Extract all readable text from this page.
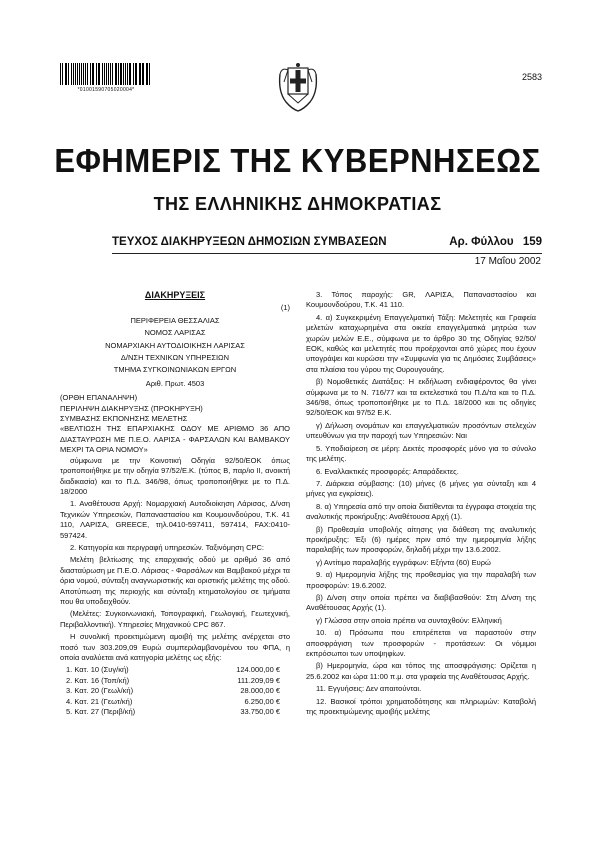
*01001590705020004*
2583
ΕΦΗΜΕΡΙΣ ΤΗΣ ΚΥΒΕΡΝΗΣΕΩΣ
ΤΗΣ ΕΛΛΗΝΙΚΗΣ ΔΗΜΟΚΡΑΤΙΑΣ
ΤΕΥΧΟΣ ΔΙΑΚΗΡΥΞΕΩΝ ΔΗΜΟΣΙΩΝ ΣΥΜΒΑΣΕΩΝ	Αρ. Φύλλου 159
17 Μαΐου 2002

ΔΙΑΚΗΡΥΞΕΙΣ

(1)

ΠΕΡΙΦΕΡΕΙΑ ΘΕΣΣΑΛΙΑΣ

ΝΟΜΟΣ ΛΑΡΙΣΑΣ

ΝΟΜΑΡΧΙΑΚΗ ΑΥΤΟΔΙΟΙΚΗΣΗ ΛΑΡΙΣΑΣ

Δ/ΝΣΗ ΤΕΧΝΙΚΩΝ ΥΠΗΡΕΣΙΩΝ

ΤΜΗΜΑ ΣΥΓΚΟΙΝΩΝΙΑΚΩΝ ΕΡΓΩΝ

Αριθ. Πρωτ. 4503

(ΟΡΘΗ ΕΠΑΝΑΛΗΨΗ)

ΠΕΡΙΛΗΨΗ ΔΙΑΚΗΡΥΞΗΣ (ΠΡΟΚΗΡΥΞΗ)

ΣΥΜΒΑΣΗΣ ΕΚΠΟΝΗΣΗΣ ΜΕΛΕΤΗΣ

«ΒΕΛΤΙΩΣΗ ΤΗΣ ΕΠΑΡΧΙΑΚΗΣ ΟΔΟΥ ΜΕ ΑΡΙΘΜΟ 36 ΑΠΟ ΔΙΑΣΤΑΥΡΩΣΗ ΜΕ Π.Ε.Ο. ΛΑΡΙΣΑ - ΦΑΡΣΑΛΩΝ ΚΑΙ ΒΑΜΒΑΚΟΥ ΜΕΧΡΙ ΤΑ ΟΡΙΑ ΝΟΜΟΥ»

σύμφωνα με την Κοινοτική Οδηγία 92/50/ΕΟΚ όπως τροποποιήθηκε με την οδηγία 97/52/Ε.Κ. (τύπος Β, παρ/ιο ΙΙ, ανοικτή διαδικασία) και το Π.Δ. 346/98, όπως τροποποιήθηκε με το Π.Δ. 18/2000

1. Αναθέτουσα Αρχή: Νομαρχιακή Αυτοδιοίκηση Λάρισας, Δ/νση Τεχνικών Υπηρεσιών, Παπαναστασίου και Κουμουνδούρου, Τ.Κ. 41 110, ΛΑΡΙΣΑ, GREECE, τηλ.0410-597411, 597414, FAX:0410-597424.

2. Κατηγορία και περιγραφή υπηρεσιών. Ταξινόμηση CPC:

Μελέτη βελτίωσης της επαρχιακής οδού με αριθμό 36 από διασταύρωση με Π.Ε.Ο. Λάρισας - Φαρσάλων και Βαμβακού μέχρι τα όρια νομού, σύνταξη αναγνωριστικής και οριστικής μελέτης της οδού. Αποτύπωση της περιοχής και σύνταξη κτηματολογίου σε τμήματα που θα υποδειχθούν.

(Μελέτες: Συγκοινωνιακή, Τοπογραφική, Γεωλογική, Γεωτεχνική, Περιβαλλοντική). Υπηρεσίες Μηχανικού CPC 867.

Η συνολική προεκτιμώμενη αμοιβή της μελέτης ανέρχεται στο ποσό των 303.209,09 Ευρώ συμπεριλαμβανομένου του ΦΠΑ, η οποία αναλύεται ανά κατηγορία μελέτης ως εξής:

1. Κατ. 10 (Συγ/κή)	124.000,00 €
2. Κατ. 16 (Τοπ/κή)	111.209,09 €
3. Κατ. 20 (Γεωλ/κή)	28.000,00 €
4. Κατ. 21 (Γεωτ/κή)	6.250,00 €
5. Κατ. 27 (Περιβ/κή)	33.750,00 €

3. Τόπος παροχής: GR, ΛΑΡΙΣΑ, Παπαναστασίου και Κουμουνδούρου, Τ.Κ. 41 110.

4. α) Συγκεκριμένη Επαγγελματική Τάξη: Μελετητές και Γραφεία μελετών καταχωρημένα στα οικεία επαγγελματικά μητρώα των χωρών μελών Ε.Ε., σύμφωνα με το άρθρο 30 της Οδηγίας 92/50/ΕΟΚ, καθώς και μελετητές που προέρχονται από χώρες που έχουν υπογράψει και κυρώσει την «Συμφωνία για τις Δημόσιες Συμβάσεις» στα πλαίσια του γύρου της Ουρουγουάης.

β) Νομοθετικές Διατάξεις: Η εκδήλωση ενδιαφέροντος θα γίνει σύμφωνα με το Ν. 716/77 και τα εκτελεστικά του Π.Δ/τα και το Π.Δ. 346/98, όπως τροποποιήθηκε με το Π.Δ. 18/2000 και τις οδηγίες 92/50/ΕΟΚ και 97/52 Ε.Κ.

γ) Δήλωση ονομάτων και επαγγελματικών προσόντων στελεχών υπευθύνων για την παροχή των Υπηρεσιών: Ναι

5. Υποδιαίρεση σε μέρη: Δεκτές προσφορές μόνο για το σύνολο της μελέτης.

6. Εναλλακτικές προσφορές: Απαράδεκτες.

7. Διάρκεια σύμβασης: (10) μήνες (6 μήνες για σύνταξη και 4 μήνες για εγκρίσεις).

8. α) Υπηρεσία από την οποία διατίθενται τα έγγραφα στοιχεία της αναλυτικής προκήρυξης: Αναθέτουσα Αρχή (1).

β) Προθεσμία υποβολής αίτησης για διάθεση της αναλυτικής προκήρυξης: Έξι (6) ημέρες πριν από την ημερομηνία λήξης παραλαβής των προσφορών, δηλαδή μέχρι την 13.6.2002.

γ) Αντίτιμο παραλαβής εγγράφων: Εξήντα (60) Ευρώ

9. α) Ημερομηνία λήξης της προθεσμίας για την παραλαβή των προσφορών: 19.6.2002.

β) Δ/νση στην οποία πρέπει να διαβιβασθούν: Στη Δ/νση της Αναθέτουσας Αρχής (1).

γ) Γλώσσα στην οποία πρέπει να συνταχθούν: Ελληνική

10. α) Πρόσωπα που επιτρέπεται να παραστούν στην αποσφράγιση των προσφορών - προτάσεων: Οι νόμιμοι εκπρόσωποι των υποψηφίων.

β) Ημερομηνία, ώρα και τόπος της αποσφράγισης: Ορίζεται η 25.6.2002 και ώρα 11:00 π.μ. στα γραφεία της Αναθέτουσας Αρχής.

11. Εγγυήσεις: Δεν απαιτούνται.

12. Βασικοί τρόποι χρηματοδότησης και πληρωμών: Καταβολή της προεκτιμώμενης αμοιβής μελέτης
